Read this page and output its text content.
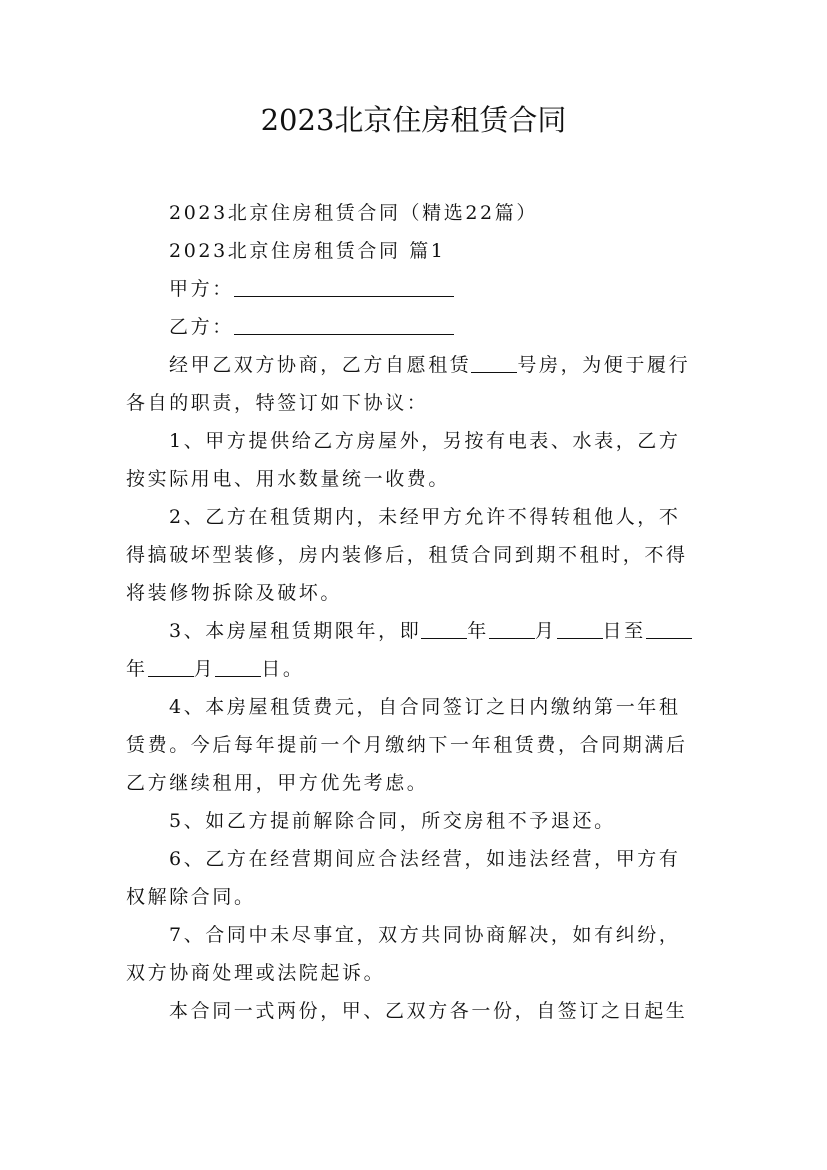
2023北京住房租赁合同
2023北京住房租赁合同（精选22篇）
2023北京住房租赁合同 篇1
甲方：
乙方：
经甲乙双方协商，乙方自愿租赁 号房，为便于履行
各自的职责，特签订如下协议：
1、甲方提供给乙方房屋外，另按有电表、水表，乙方
按实际用电、用水数量统一收费。
2、乙方在租赁期内，未经甲方允许不得转租他人，不
得搞破坏型装修，房内装修后，租赁合同到期不租时，不得
将装修物拆除及破坏。
3、本房屋租赁期限年，即 年 月 日至
年 月 日。
4、本房屋租赁费元，自合同签订之日内缴纳第一年租
赁费。今后每年提前一个月缴纳下一年租赁费，合同期满后
乙方继续租用，甲方优先考虑。
5、如乙方提前解除合同，所交房租不予退还。
6、乙方在经营期间应合法经营，如违法经营，甲方有
权解除合同。
7、合同中未尽事宜，双方共同协商解决，如有纠纷，
双方协商处理或法院起诉。
本合同一式两份，甲、乙双方各一份，自签订之日起生
